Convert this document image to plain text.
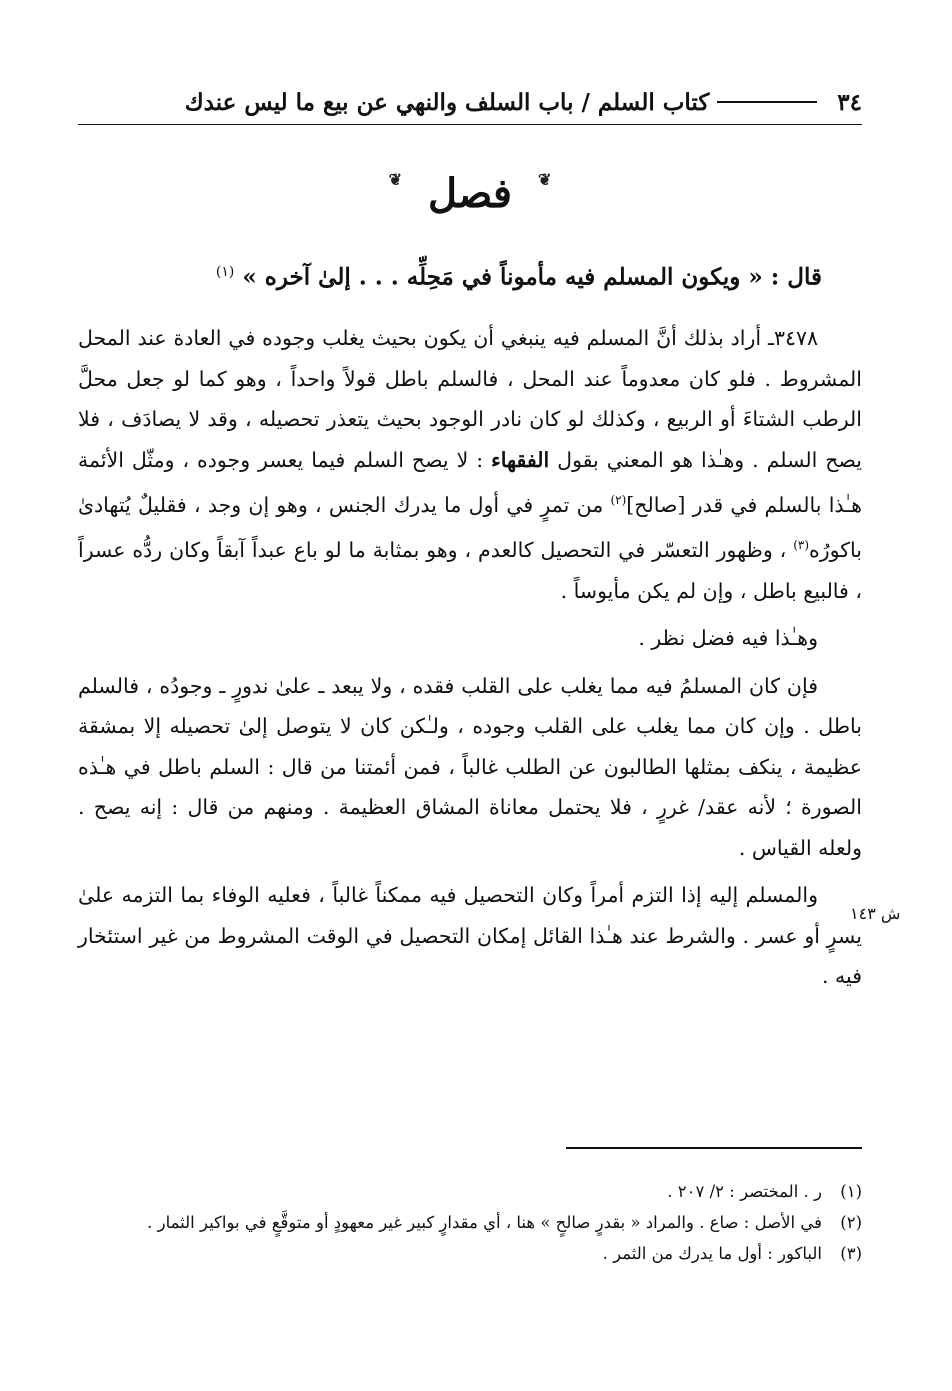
٣٤
كتاب السلم / باب السلف والنهي عن بيع ما ليس عندك
❦ فصل ❦
قال : « ويكون المسلم فيه مأموناً في مَحِلِّه . . . إلىٰ آخره » $^{(١)}$

٣٤٧٨ـ أراد بذلك أنَّ المسلم فيه ينبغي أن يكون بحيث يغلب وجوده في العادة عند المحل المشروط . فلو كان معدوماً عند المحل ، فالسلم باطل قولاً واحداً ، وهو كما لو جعل محلَّ الرطب الشتاءَ أو الربيع ، وكذلك لو كان نادر الوجود بحيث يتعذر تحصيله ، وقد لا يصادَف ، فلا يصح السلم . وهـٰذا هو المعني بقول الفقهاء : لا يصح السلم فيما يعسر وجوده ، ومثّل الأئمة هـٰذا بالسلم في قدر [صالح]$^{(٢)}$ من تمرٍ في أول ما يدرك الجنس ، وهو إن وجد ، فقليلٌ يُتهادىٰ باكورُه$^{(٣)}$ ، وظهور التعسّر في التحصيل كالعدم ، وهو بمثابة ما لو باع عبداً آبقاً وكان ردُّه عسراً ، فالبيع باطل ، وإن لم يكن مأيوساً .

وهـٰذا فيه فضل نظر .

فإن كان المسلمُ فيه مما يغلب على القلب فقده ، ولا يبعد ـ علىٰ ندورٍ ـ وجودُه ، فالسلم باطل . وإن كان مما يغلب على القلب وجوده ، ولـٰكن كان لا يتوصل إلىٰ تحصيله إلا بمشقة عظيمة ، ينكف بمثلها الطالبون عن الطلب غالباً ، فمن أئمتنا من قال : السلم باطل في هـٰذه الصورة ؛ لأنه عقد/ غررٍ ، فلا يحتمل معاناة المشاق العظيمة . ومنهم من قال : إنه يصح . ولعله القياس .

والمسلم إليه إذا التزم أمراً وكان التحصيل فيه ممكناً غالباً ، فعليه الوفاء بما التزمه علىٰ يسرٍ أو عسر . والشرط عند هـٰذا القائل إمكان التحصيل في الوقت المشروط من غير استئخار فيه .

(١)
ر . المختصر : ٢/ ٢٠٧ .
(٢)
في الأصل : صاع . والمراد « بقدرٍ صالحٍ » هنا ، أي مقدارٍ كبير غير معهودٍ أو متوقَّعٍ في بواكير الثمار .
(٣)
الباكور : أول ما يدرك من الثمر .
ش ١٤٣
